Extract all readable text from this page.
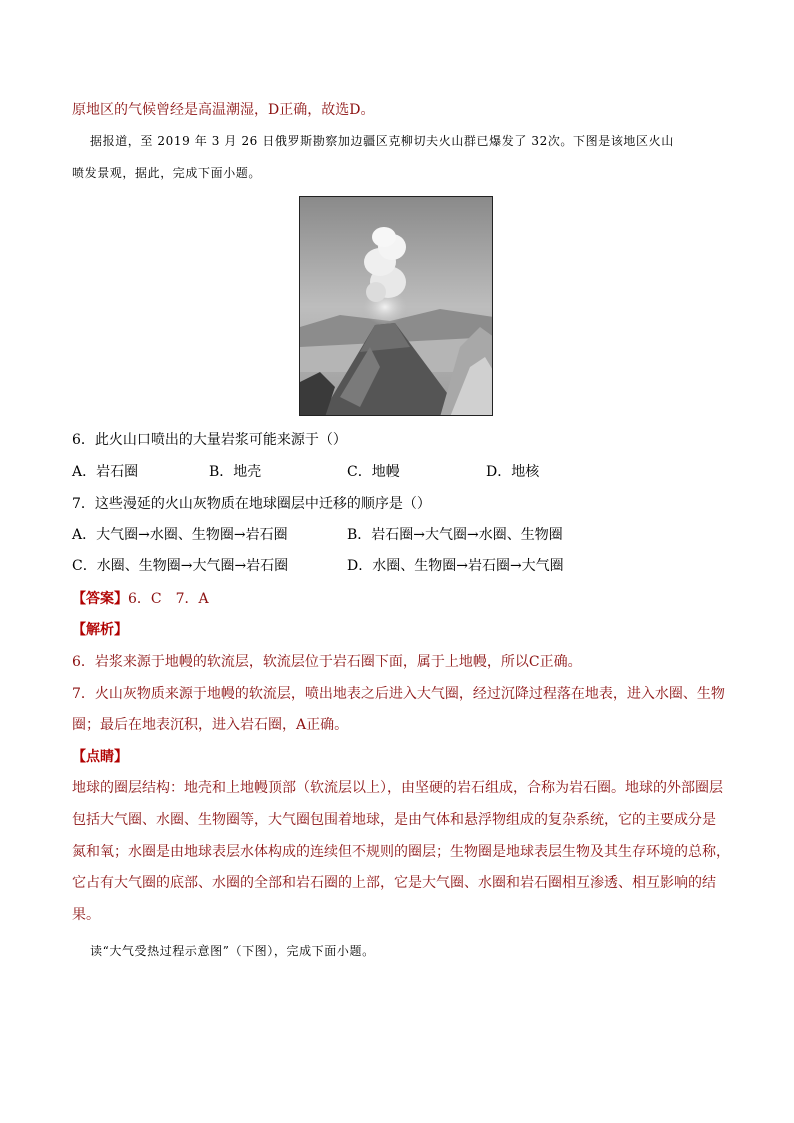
原地区的气候曾经是高温潮湿，D正确，故选D。
据报道，至 2019 年 3 月 26 日俄罗斯勘察加边疆区克柳切夫火山群已爆发了 32次。下图是该地区火山
喷发景观，据此，完成下面小题。
6．此火山口喷出的大量岩浆可能来源于（）
A．岩石圈	B．地壳	C．地幔	D．地核
7．这些漫延的火山灰物质在地球圈层中迁移的顺序是（）
A．大气圈→水圈、生物圈→岩石圈	B．岩石圈→大气圈→水圈、生物圈
C．水圈、生物圈→大气圈→岩石圈	D．水圈、生物圈→岩石圈→大气圈
【答案】6．C　7．A
【解析】
6．岩浆来源于地幔的软流层，软流层位于岩石圈下面，属于上地幔，所以C正确。
7．火山灰物质来源于地幔的软流层，喷出地表之后进入大气圈，经过沉降过程落在地表，进入水圈、生物
圈；最后在地表沉积，进入岩石圈，A正确。
【点睛】
地球的圈层结构：地壳和上地幔顶部（软流层以上），由坚硬的岩石组成，合称为岩石圈。地球的外部圈层
包括大气圈、水圈、生物圈等，大气圈包围着地球，是由气体和悬浮物组成的复杂系统，它的主要成分是
氮和氧；水圈是由地球表层水体构成的连续但不规则的圈层；生物圈是地球表层生物及其生存环境的总称，
它占有大气圈的底部、水圈的全部和岩石圈的上部，它是大气圈、水圈和岩石圈相互渗透、相互影响的结
果。
读“大气受热过程示意图”（下图），完成下面小题。
